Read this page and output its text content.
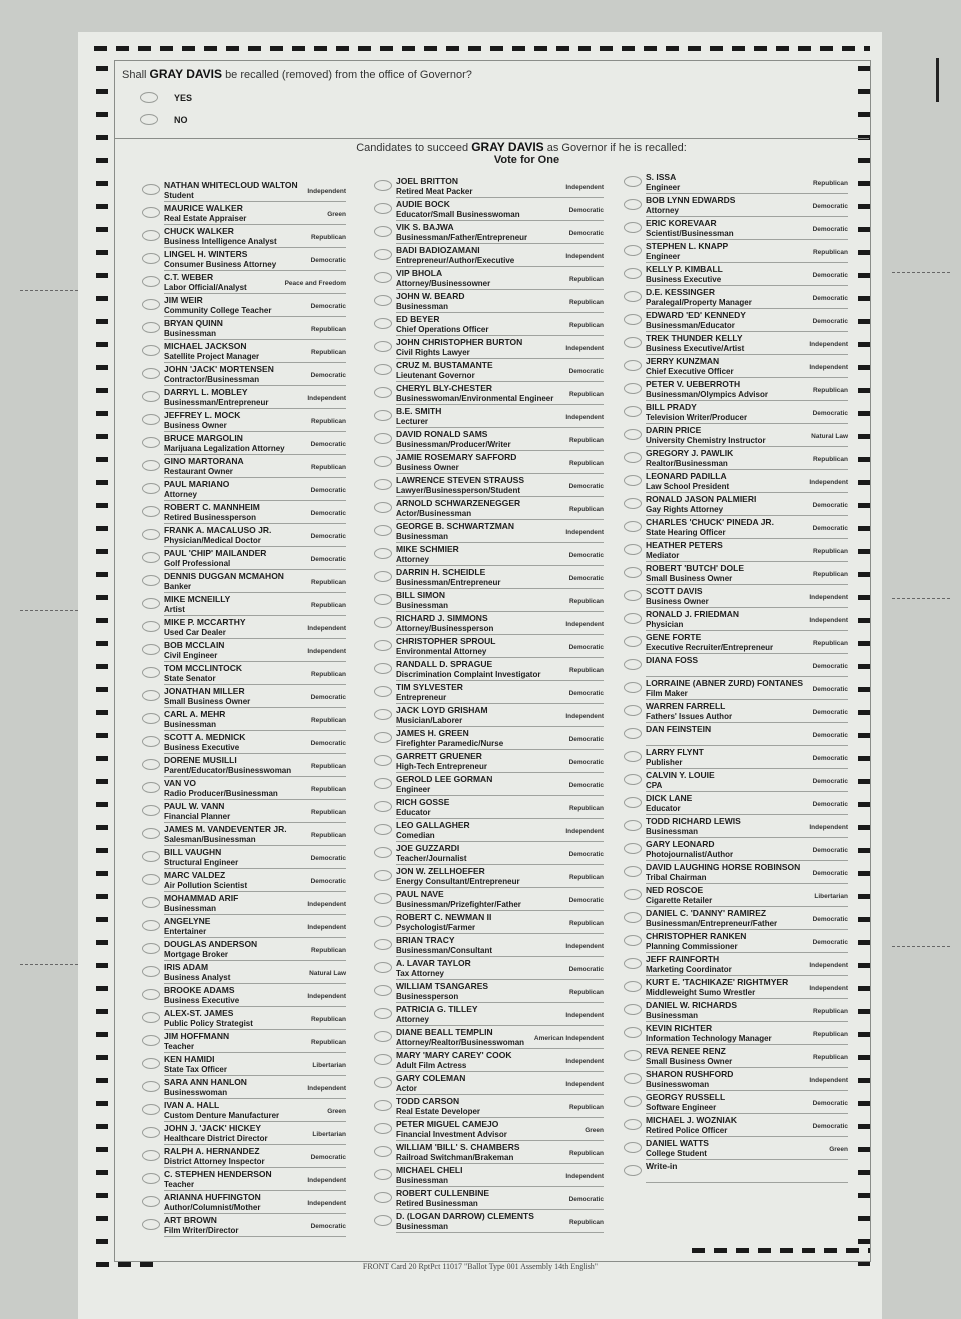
Shall GRAY DAVIS be recalled (removed) from the office of Governor?
YES
NO
Candidates to succeed GRAY DAVIS as Governor if he is recalled:
Vote for One
NATHAN WHITECLOUD WALTON
Student	Independent
MAURICE WALKER
Real Estate Appraiser	Green
CHUCK WALKER
Business Intelligence Analyst	Republican
LINGEL H. WINTERS
Consumer Business Attorney	Democratic
C.T. WEBER
Labor Official/Analyst	Peace and Freedom
JIM WEIR
Community College Teacher	Democratic
BRYAN QUINN
Businessman	Republican
MICHAEL JACKSON
Satellite Project Manager	Republican
JOHN 'JACK' MORTENSEN
Contractor/Businessman	Democratic
DARRYL L. MOBLEY
Businessman/Entrepreneur	Independent
JEFFREY L. MOCK
Business Owner	Republican
BRUCE MARGOLIN
Marijuana Legalization Attorney	Democratic
GINO MARTORANA
Restaurant Owner	Republican
PAUL MARIANO
Attorney	Democratic
ROBERT C. MANNHEIM
Retired Businessperson	Democratic
FRANK A. MACALUSO JR.
Physician/Medical Doctor	Democratic
PAUL 'CHIP' MAILANDER
Golf Professional	Democratic
DENNIS DUGGAN MCMAHON
Banker	Republican
MIKE MCNEILLY
Artist	Republican
MIKE P. MCCARTHY
Used Car Dealer	Independent
BOB MCCLAIN
Civil Engineer	Independent
TOM MCCLINTOCK
State Senator	Republican
JONATHAN MILLER
Small Business Owner	Democratic
CARL A. MEHR
Businessman	Republican
SCOTT A. MEDNICK
Business Executive	Democratic
DORENE MUSILLI
Parent/Educator/Businesswoman	Republican
VAN VO
Radio Producer/Businessman	Republican
PAUL W. VANN
Financial Planner	Republican
JAMES M. VANDEVENTER JR.
Salesman/Businessman	Republican
BILL VAUGHN
Structural Engineer	Democratic
MARC VALDEZ
Air Pollution Scientist	Democratic
MOHAMMAD ARIF
Businessman	Independent
ANGELYNE
Entertainer	Independent
DOUGLAS ANDERSON
Mortgage Broker	Republican
IRIS ADAM
Business Analyst	Natural Law
BROOKE ADAMS
Business Executive	Independent
ALEX-ST. JAMES
Public Policy Strategist	Republican
JIM HOFFMANN
Teacher	Republican
KEN HAMIDI
State Tax Officer	Libertarian
SARA ANN HANLON
Businesswoman	Independent
IVAN A. HALL
Custom Denture Manufacturer	Green
JOHN J. 'JACK' HICKEY
Healthcare District Director	Libertarian
RALPH A. HERNANDEZ
District Attorney Inspector	Democratic
C. STEPHEN HENDERSON
Teacher	Independent
ARIANNA HUFFINGTON
Author/Columnist/Mother	Independent
ART BROWN
Film Writer/Director	Democratic
JOEL BRITTON
Retired Meat Packer	Independent
AUDIE BOCK
Educator/Small Businesswoman	Democratic
VIK S. BAJWA
Businessman/Father/Entrepreneur	Democratic
BADI BADIOZAMANI
Entrepreneur/Author/Executive	Independent
VIP BHOLA
Attorney/Businessowner	Republican
JOHN W. BEARD
Businessman	Republican
ED BEYER
Chief Operations Officer	Republican
JOHN CHRISTOPHER BURTON
Civil Rights Lawyer	Independent
CRUZ M. BUSTAMANTE
Lieutenant Governor	Democratic
CHERYL BLY-CHESTER
Businesswoman/Environmental Engineer Republican
B.E. SMITH
Lecturer	Independent
DAVID RONALD SAMS
Businessman/Producer/Writer	Republican
JAMIE ROSEMARY SAFFORD
Business Owner	Republican
LAWRENCE STEVEN STRAUSS
Lawyer/Businessperson/Student	Democratic
ARNOLD SCHWARZENEGGER
Actor/Businessman	Republican
GEORGE B. SCHWARTZMAN
Businessman	Independent
MIKE SCHMIER
Attorney	Democratic
DARRIN H. SCHEIDLE
Businessman/Entrepreneur	Democratic
BILL SIMON
Businessman	Republican
RICHARD J. SIMMONS
Attorney/Businessperson	Independent
CHRISTOPHER SPROUL
Environmental Attorney	Democratic
RANDALL D. SPRAGUE
Discrimination Complaint Investigator	Republican
TIM SYLVESTER
Entrepreneur	Democratic
JACK LOYD GRISHAM
Musician/Laborer	Independent
JAMES H. GREEN
Firefighter Paramedic/Nurse	Democratic
GARRETT GRUENER
High-Tech Entrepreneur	Democratic
GEROLD LEE GORMAN
Engineer	Democratic
RICH GOSSE
Educator	Republican
LEO GALLAGHER
Comedian	Independent
JOE GUZZARDI
Teacher/Journalist	Democratic
JON W. ZELLHOEFER
Energy Consultant/Entrepreneur	Republican
PAUL NAVE
Businessman/Prizefighter/Father	Democratic
ROBERT C. NEWMAN II
Psychologist/Farmer	Republican
BRIAN TRACY
Businessman/Consultant	Independent
A. LAVAR TAYLOR
Tax Attorney	Democratic
WILLIAM TSANGARES
Businessperson	Republican
PATRICIA G. TILLEY
Attorney	Independent
DIANE BEALL TEMPLIN
Attorney/Realtor/Businesswoman American Independent
MARY 'MARY CAREY' COOK
Adult Film Actress	Independent
GARY COLEMAN
Actor	Independent
TODD CARSON
Real Estate Developer	Republican
PETER MIGUEL CAMEJO
Financial Investment Advisor	Green
WILLIAM 'BILL' S. CHAMBERS
Railroad Switchman/Brakeman	Republican
MICHAEL CHELI
Businessman	Independent
ROBERT CULLENBINE
Retired Businessman	Democratic
D. (LOGAN DARROW) CLEMENTS
Businessman	Republican
S. ISSA
Engineer	Republican
BOB LYNN EDWARDS
Attorney	Democratic
ERIC KOREVAAR
Scientist/Businessman	Democratic
STEPHEN L. KNAPP
Engineer	Republican
KELLY P. KIMBALL
Business Executive	Democratic
D.E. KESSINGER
Paralegal/Property Manager	Democratic
EDWARD 'ED' KENNEDY
Businessman/Educator	Democratic
TREK THUNDER KELLY
Business Executive/Artist	Independent
JERRY KUNZMAN
Chief Executive Officer	Independent
PETER V. UEBERROTH
Businessman/Olympics Advisor	Republican
BILL PRADY
Television Writer/Producer	Democratic
DARIN PRICE
University Chemistry Instructor	Natural Law
GREGORY J. PAWLIK
Realtor/Businessman	Republican
LEONARD PADILLA
Law School President	Independent
RONALD JASON PALMIERI
Gay Rights Attorney	Democratic
CHARLES 'CHUCK' PINEDA JR.
State Hearing Officer	Democratic
HEATHER PETERS
Mediator	Republican
ROBERT 'BUTCH' DOLE
Small Business Owner	Republican
SCOTT DAVIS
Business Owner	Independent
RONALD J. FRIEDMAN
Physician	Independent
GENE FORTE
Executive Recruiter/Entrepreneur	Republican
DIANA FOSS
Democratic
LORRAINE (ABNER ZURD) FONTANES
Film Maker	Democratic
WARREN FARRELL
Fathers' Issues Author	Democratic
DAN FEINSTEIN
Democratic
LARRY FLYNT
Publisher	Democratic
CALVIN Y. LOUIE
CPA	Democratic
DICK LANE
Educator	Democratic
TODD RICHARD LEWIS
Businessman	Independent
GARY LEONARD
Photojournalist/Author	Democratic
DAVID LAUGHING HORSE ROBINSON
Tribal Chairman	Democratic
NED ROSCOE
Cigarette Retailer	Libertarian
DANIEL C. 'DANNY' RAMIREZ
Businessman/Entrepreneur/Father	Democratic
CHRISTOPHER RANKEN
Planning Commissioner	Democratic
JEFF RAINFORTH
Marketing Coordinator	Independent
KURT E. 'TACHIKAZE' RIGHTMYER
Middleweight Sumo Wrestler	Independent
DANIEL W. RICHARDS
Businessman	Republican
KEVIN RICHTER
Information Technology Manager	Republican
REVA RENEE RENZ
Small Business Owner	Republican
SHARON RUSHFORD
Businesswoman	Independent
GEORGY RUSSELL
Software Engineer	Democratic
MICHAEL J. WOZNIAK
Retired Police Officer	Democratic
DANIEL WATTS
College Student	Green
Write-in
FRONT Card 20 RptPct 11017 "Ballot Type 001 Assembly 14th English"
